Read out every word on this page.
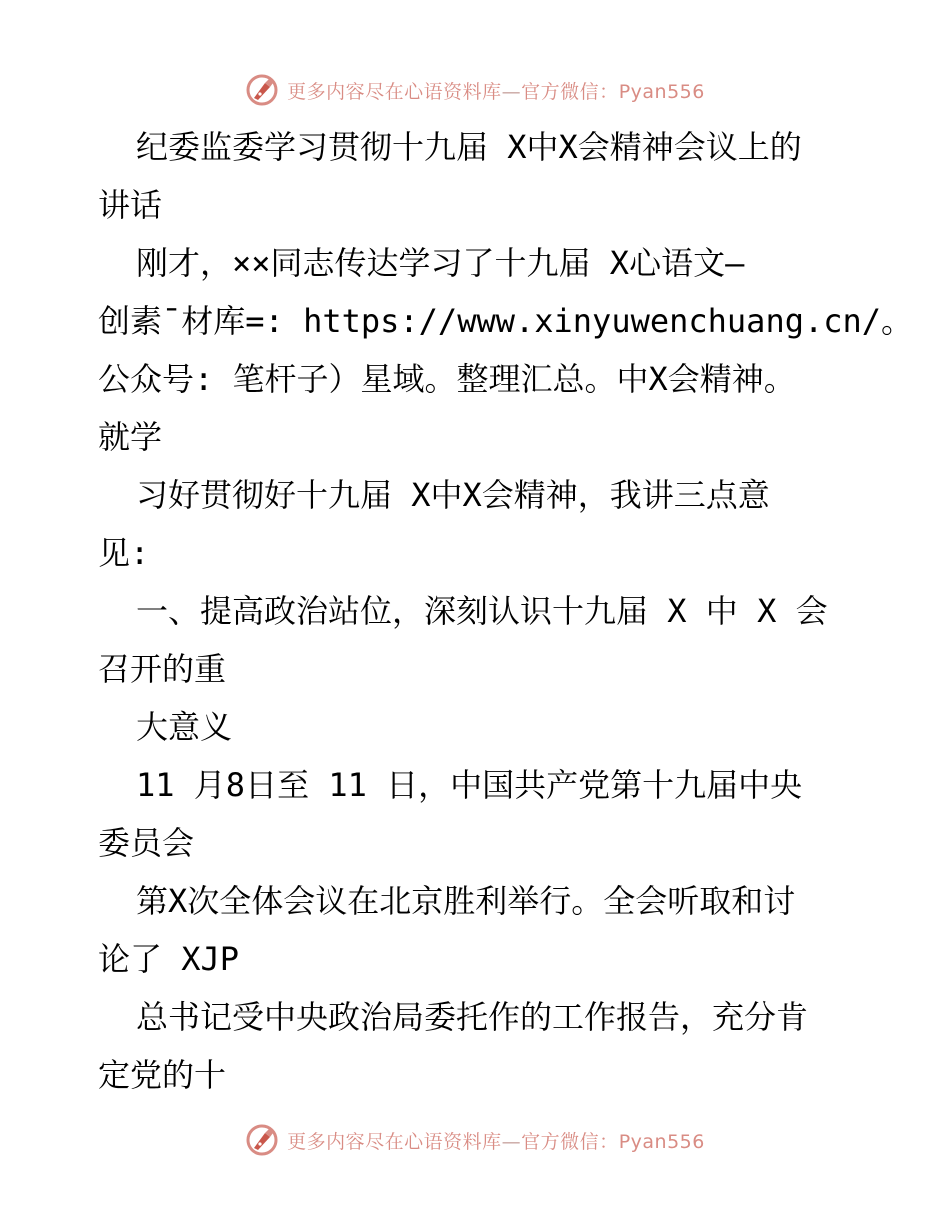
更多内容尽在心语资料库—官方微信：Pyan556
纪委监委学习贯彻十九届 X中X会精神会议上的
讲话
刚才，××同志传达学习了十九届 X心语文—
创素¯材库=: https://www.xinyuwenchuang.cn/。
公众号: 笔杆子）星域。整理汇总。中X会精神。
就学
习好贯彻好十九届 X中X会精神，我讲三点意
见:
一、提高政治站位，深刻认识十九届 X 中 X 会
召开的重
大意义
11 月8日至 11 日，中国共产党第十九届中央
委员会
第X次全体会议在北京胜利举行。全会听取和讨
论了 XJP
总书记受中央政治局委托作的工作报告，充分肯
定党的十
更多内容尽在心语资料库—官方微信：Pyan556
